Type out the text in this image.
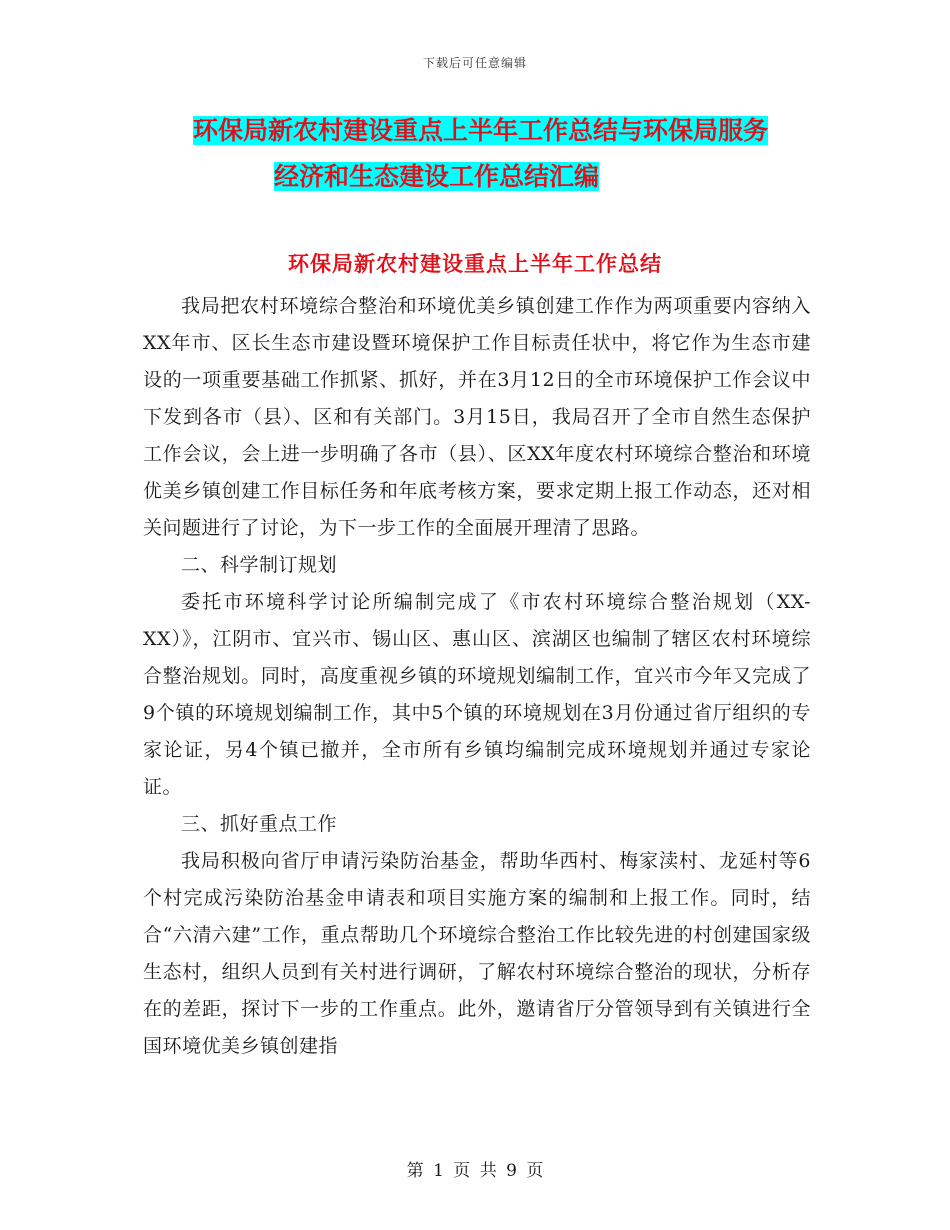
下载后可任意编辑
环保局新农村建设重点上半年工作总结与环保局服务
经济和生态建设工作总结汇编
环保局新农村建设重点上半年工作总结

我局把农村环境综合整治和环境优美乡镇创建工作作为两项重要内容纳入XX年市、区长生态市建设暨环境保护工作目标责任状中，将它作为生态市建设的一项重要基础工作抓紧、抓好，并在3月12日的全市环境保护工作会议中下发到各市（县）、区和有关部门。3月15日，我局召开了全市自然生态保护工作会议，会上进一步明确了各市（县）、区XX年度农村环境综合整治和环境优美乡镇创建工作目标任务和年底考核方案，要求定期上报工作动态，还对相关问题进行了讨论，为下一步工作的全面展开理清了思路。

二、科学制订规划

委托市环境科学讨论所编制完成了《市农村环境综合整治规划（XX-XX）》，江阴市、宜兴市、锡山区、惠山区、滨湖区也编制了辖区农村环境综合整治规划。同时，高度重视乡镇的环境规划编制工作，宜兴市今年又完成了9个镇的环境规划编制工作，其中5个镇的环境规划在3月份通过省厅组织的专家论证，另4个镇已撤并，全市所有乡镇均编制完成环境规划并通过专家论证。

三、抓好重点工作

我局积极向省厅申请污染防治基金，帮助华西村、梅家渎村、龙延村等6个村完成污染防治基金申请表和项目实施方案的编制和上报工作。同时，结合“六清六建”工作，重点帮助几个环境综合整治工作比较先进的村创建国家级生态村，组织人员到有关村进行调研，了解农村环境综合整治的现状，分析存在的差距，探讨下一步的工作重点。此外，邀请省厅分管领导到有关镇进行全国环境优美乡镇创建指

第 1 页 共 9 页
